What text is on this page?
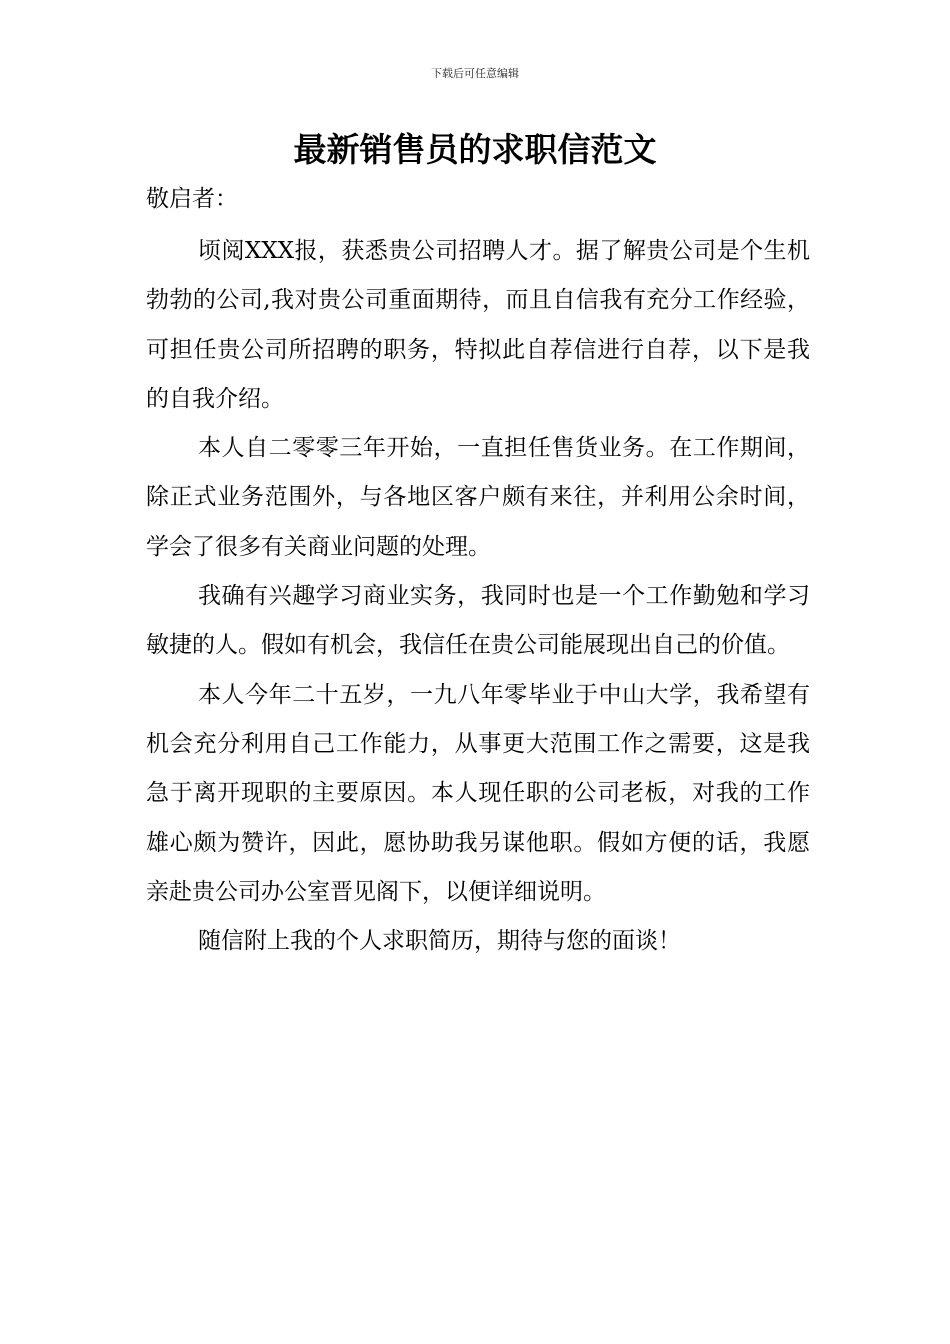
下载后可任意编辑
最新销售员的求职信范文

敬启者：

顷阅XXX报，获悉贵公司招聘人才。据了解贵公司是个生机勃勃的公司,我对贵公司重面期待，而且自信我有充分工作经验，可担任贵公司所招聘的职务，特拟此自荐信进行自荐，以下是我的自我介绍。

本人自二零零三年开始，一直担任售货业务。在工作期间，除正式业务范围外，与各地区客户颇有来往，并利用公余时间，学会了很多有关商业问题的处理。

我确有兴趣学习商业实务，我同时也是一个工作勤勉和学习敏捷的人。假如有机会，我信任在贵公司能展现出自己的价值。

本人今年二十五岁，一九八年零毕业于中山大学，我希望有机会充分利用自己工作能力，从事更大范围工作之需要，这是我急于离开现职的主要原因。本人现任职的公司老板，对我的工作雄心颇为赞许，因此，愿协助我另谋他职。假如方便的话，我愿亲赴贵公司办公室晋见阁下，以便详细说明。

随信附上我的个人求职简历，期待与您的面谈！
